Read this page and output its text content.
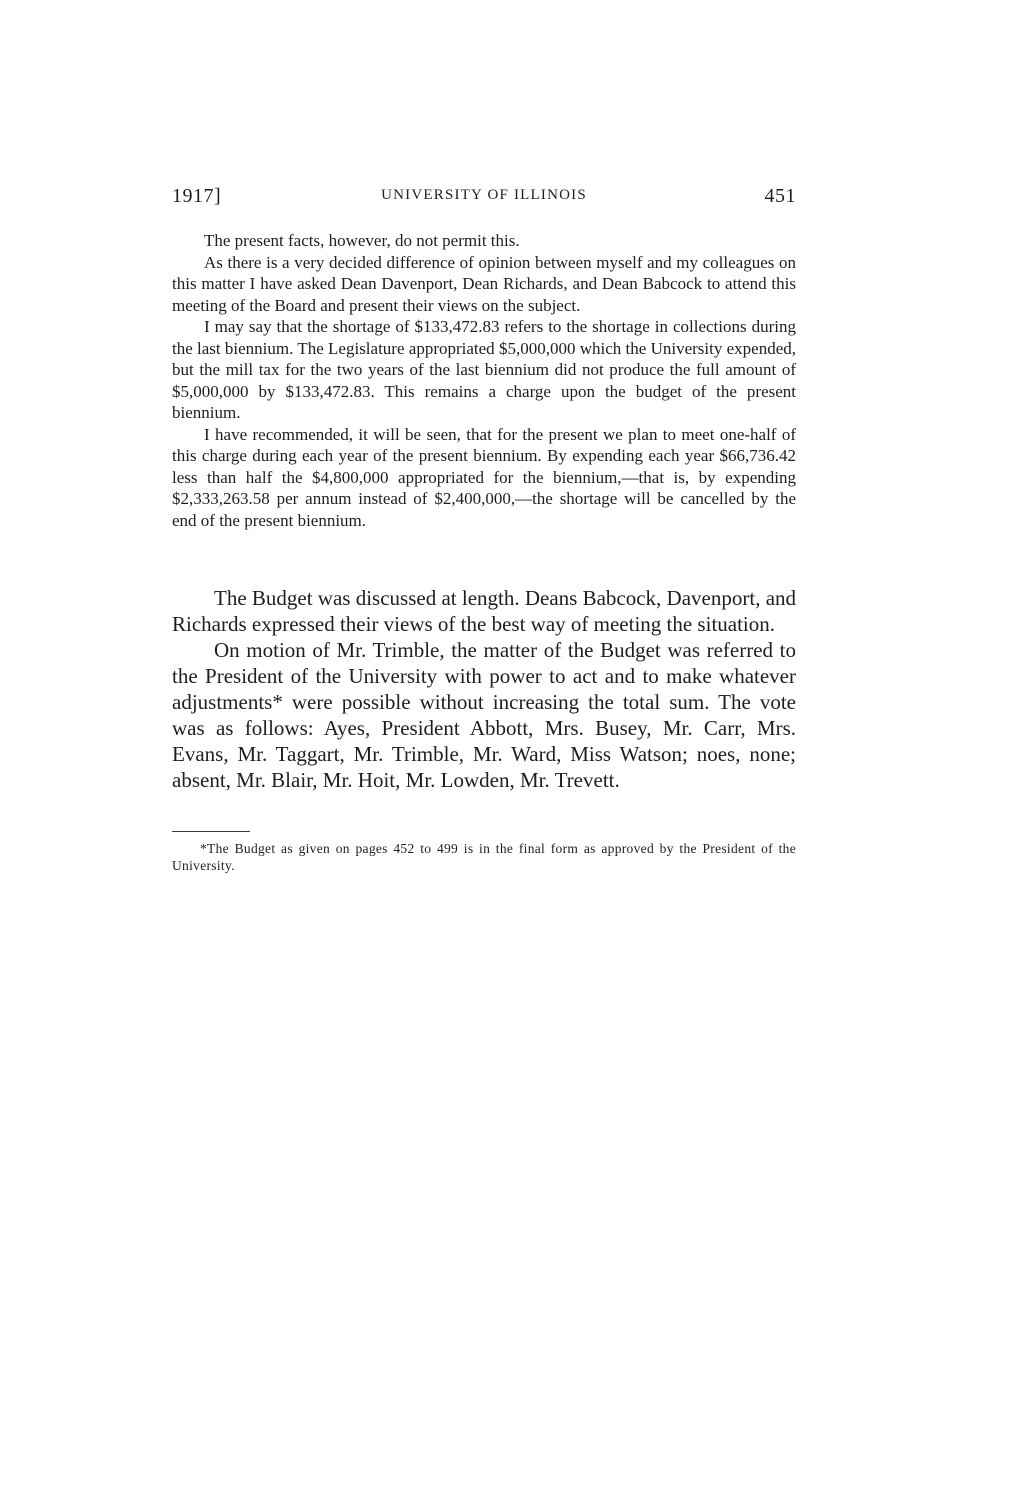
1917]	UNIVERSITY OF ILLINOIS	451

The present facts, however, do not permit this.

As there is a very decided difference of opinion between myself and my colleagues on this matter I have asked Dean Davenport, Dean Richards, and Dean Babcock to attend this meeting of the Board and present their views on the subject.

I may say that the shortage of $133,472.83 refers to the shortage in collections during the last biennium. The Legislature appropriated $5,000,000 which the University expended, but the mill tax for the two years of the last biennium did not produce the full amount of $5,000,000 by $133,472.83. This remains a charge upon the budget of the present biennium.

I have recommended, it will be seen, that for the present we plan to meet one-half of this charge during each year of the present biennium. By expending each year $66,736.42 less than half the $4,800,000 appropriated for the biennium,—that is, by expending $2,333,263.58 per annum instead of $2,400,000,—the shortage will be cancelled by the end of the present biennium.

The Budget was discussed at length. Deans Babcock, Davenport, and Richards expressed their views of the best way of meeting the situation.

On motion of Mr. Trimble, the matter of the Budget was referred to the President of the University with power to act and to make whatever adjustments* were possible without increasing the total sum. The vote was as follows: Ayes, President Abbott, Mrs. Busey, Mr. Carr, Mrs. Evans, Mr. Taggart, Mr. Trimble, Mr. Ward, Miss Watson; noes, none; absent, Mr. Blair, Mr. Hoit, Mr. Lowden, Mr. Trevett.

*The Budget as given on pages 452 to 499 is in the final form as approved by the President of the University.
